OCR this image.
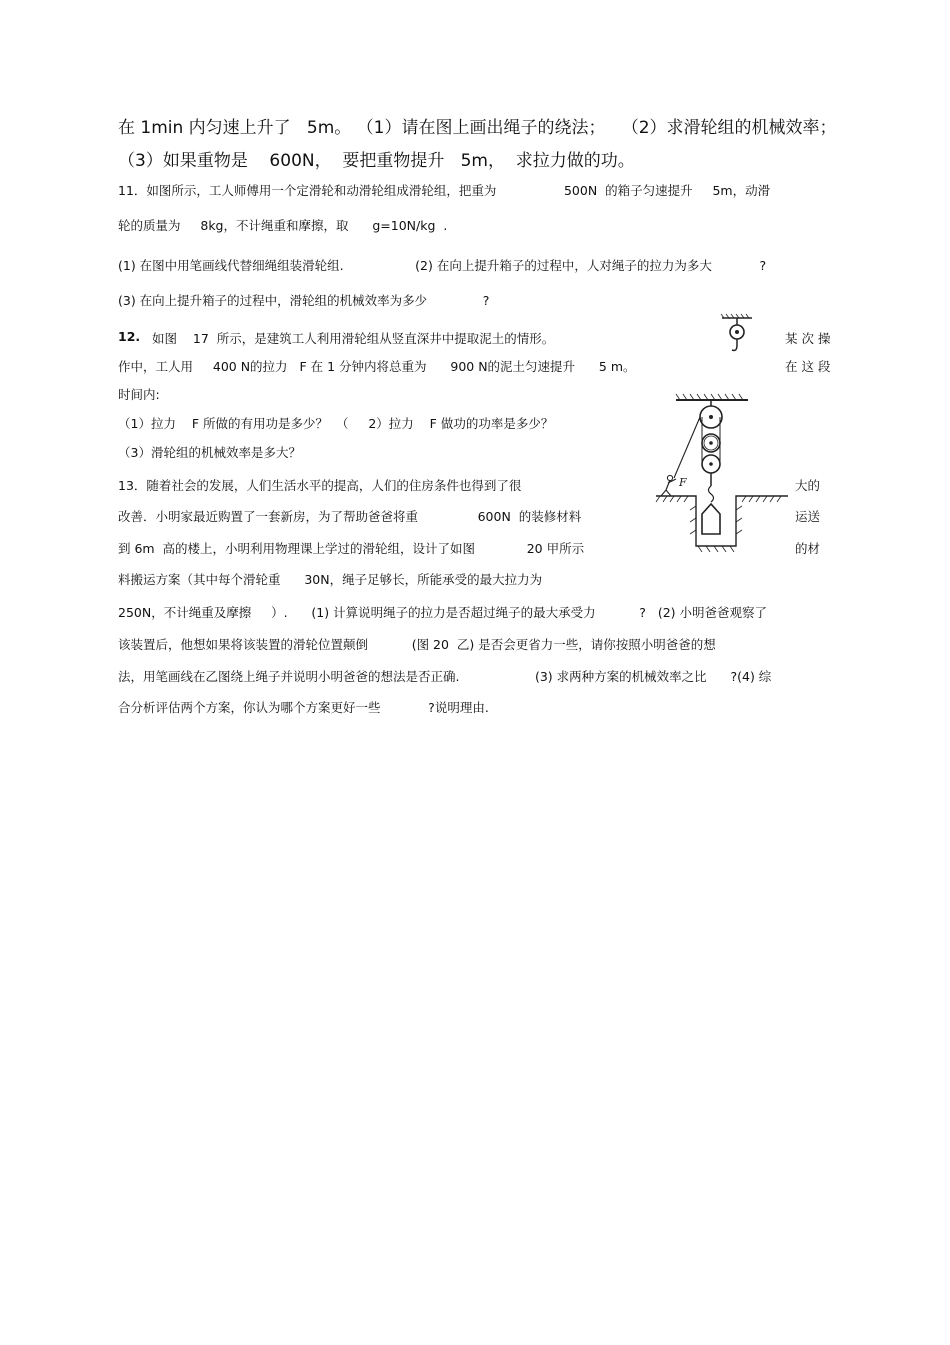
在 1min 内匀速上升了   5m。 （1）请在图上画出绳子的绕法；   （2）求滑轮组的机械效率；
（3）如果重物是    600N，  要把重物提升   5m，  求拉力做的功。
11．如图所示，工人师傅用一个定滑轮和动滑轮组成滑轮组，把重为                 500N  的箱子匀速提升     5m，动滑
轮的质量为     8kg，不计绳重和摩擦，取      g=10N/kg  .
(1) 在图中用笔画线代替细绳组装滑轮组.                  (2) 在向上提升箱子的过程中，人对绳子的拉力为多大            ?
(3) 在向上提升箱子的过程中，滑轮组的机械效率为多少              ?
12. 如图    17  所示，是建筑工人利用滑轮组从竖直深井中提取泥土的情形。	某 次 操
作中，工人用     400 N的拉力   F 在 1 分钟内将总重为      900 N的泥土匀速提升      5 m。	在 这 段
时间内:
（1）拉力    F 所做的有用功是多少？  （     2）拉力    F 做功的功率是多少？
（3）滑轮组的机械效率是多大？
13．随着社会的发展，人们生活水平的提高，人们的住房条件也得到了很	大的
改善．小明家最近购置了一套新房，为了帮助爸爸将重               600N  的装修材料	运送
到 6m  高的楼上，小明利用物理课上学过的滑轮组，设计了如图             20 甲所示	的材
料搬运方案（其中每个滑轮重      30N，绳子足够长，所能承受的最大拉力为
250N，不计绳重及摩擦     ）.      (1) 计算说明绳子的拉力是否超过绳子的最大承受力           ?   (2) 小明爸爸观察了
该装置后，他想如果将该装置的滑轮位置颠倒           (图 20  乙) 是否会更省力一些，请你按照小明爸爸的想
法，用笔画线在乙图绕上绳子并说明小明爸爸的想法是否正确.                   (3) 求两种方案的机械效率之比      ?(4) 综
合分析评估两个方案，你认为哪个方案更好一些            ?说明理由.
F
